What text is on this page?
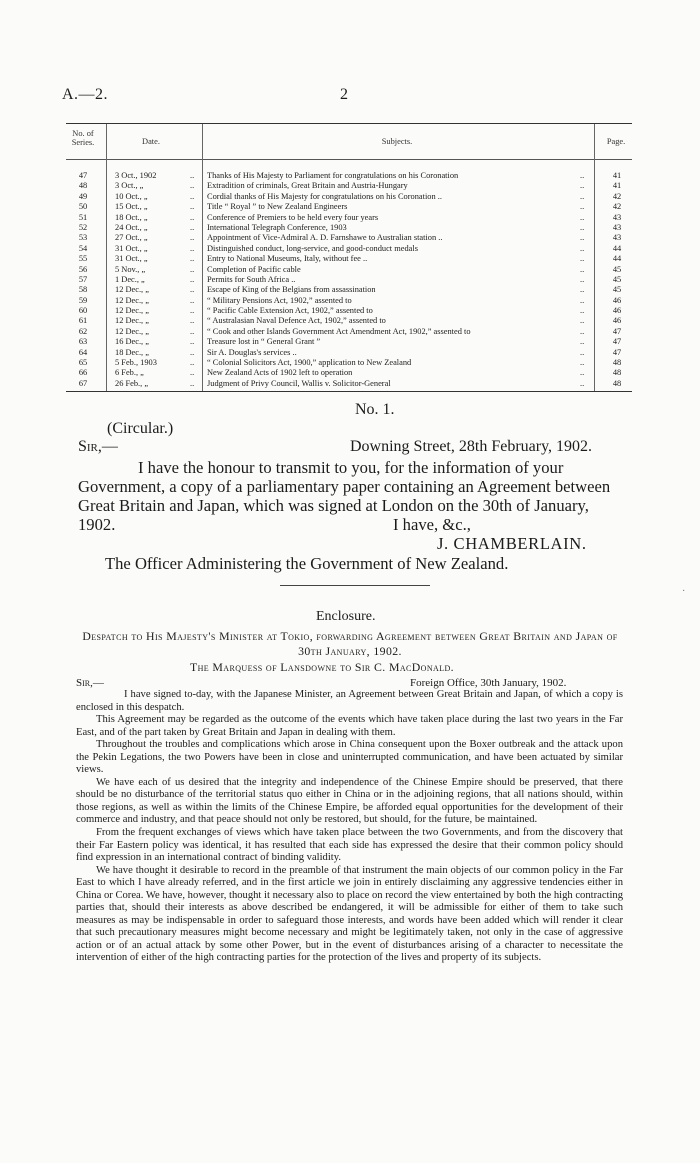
A.—2.	2
No. of Series.	Date.	Subjects.	Page.
47	3 Oct., 1902	.. Thanks of His Majesty to Parliament for congratulations on his Coronation	..	41
48	3 Oct., „	.. Extradition of criminals, Great Britain and Austria-Hungary	..	41
49	10 Oct., „	.. Cordial thanks of His Majesty for congratulations on his Coronation ..	..	42
50	15 Oct., „	.. Title “ Royal ” to New Zealand Engineers	..	42
51	18 Oct., „	.. Conference of Premiers to be held every four years	..	43
52	24 Oct., „	.. International Telegraph Conference, 1903	..	43
53	27 Oct., „	.. Appointment of Vice-Admiral A. D. Farnshawe to Australian station ..	..	43
54	31 Oct., „	.. Distinguished conduct, long-service, and good-conduct medals	..	44
55	31 Oct., „	.. Entry to National Museums, Italy, without fee ..	..	44
56	5 Nov., „	.. Completion of Pacific cable	..	45
57	1 Dec., „	.. Permits for South Africa ..	..	45
58	12 Dec., „	.. Escape of King of the Belgians from assassination	..	45
59	12 Dec., „	.. “ Military Pensions Act, 1902,” assented to	..	46
60	12 Dec., „	.. “ Pacific Cable Extension Act, 1902,” assented to	..	46
61	12 Dec., „	.. “ Australasian Naval Defence Act, 1902,” assented to	..	46
62	12 Dec., „	.. “ Cook and other Islands Government Act Amendment Act, 1902,” assented to	..	47
63	16 Dec., „	.. Treasure lost in “ General Grant ”	..	47
64	18 Dec., „	.. Sir A. Douglas's services ..	..	47
65	5 Feb., 1903	.. “ Colonial Solicitors Act, 1900,” application to New Zealand	..	48
66	6 Feb., „	.. New Zealand Acts of 1902 left to operation	..	48
67	26 Feb., „	.. Judgment of Privy Council, Wallis v. Solicitor-General	..	48
No. 1.
(Circular.)
Sir,—	Downing Street, 28th February, 1902.
I have the honour to transmit to you, for the information of your
Government, a copy of a parliamentary paper containing an Agreement between
Great Britain and Japan, which was signed at London on the 30th of January,
1902.	I have, &c.,
J. CHAMBERLAIN.
The Officer Administering the Government of New Zealand.
Enclosure.
Despatch to His Majesty's Minister at Tokio, forwarding Agreement between Great Britain and Japan of 30th January, 1902.
The Marquess of Lansdowne to Sir C. MacDonald.
Sir,—	Foreign Office, 30th January, 1902.

I have signed to-day, with the Japanese Minister, an Agreement between Great Britain and Japan, of which a copy is enclosed in this despatch.

This Agreement may be regarded as the outcome of the events which have taken place during the last two years in the Far East, and of the part taken by Great Britain and Japan in dealing with them.

Throughout the troubles and complications which arose in China consequent upon the Boxer outbreak and the attack upon the Pekin Legations, the two Powers have been in close and uninterrupted communication, and have been actuated by similar views.

We have each of us desired that the integrity and independence of the Chinese Empire should be preserved, that there should be no disturbance of the territorial status quo either in China or in the adjoining regions, that all nations should, within those regions, as well as within the limits of the Chinese Empire, be afforded equal opportunities for the development of their commerce and industry, and that peace should not only be restored, but should, for the future, be maintained.

From the frequent exchanges of views which have taken place between the two Governments, and from the discovery that their Far Eastern policy was identical, it has resulted that each side has expressed the desire that their common policy should find expression in an international contract of binding validity.

We have thought it desirable to record in the preamble of that instrument the main objects of our common policy in the Far East to which I have already referred, and in the first article we join in entirely disclaiming any aggressive tendencies either in China or Corea. We have, however, thought it necessary also to place on record the view entertained by both the high contracting parties that, should their interests as above described be endangered, it will be admissible for either of them to take such measures as may be indispensable in order to safeguard those interests, and words have been added which will render it clear that such precautionary measures might become necessary and might be legitimately taken, not only in the case of aggressive action or of an actual attack by some other Power, but in the event of disturbances arising of a character to necessitate the intervention of either of the high contracting parties for the protection of the lives and property of its subjects.

·
